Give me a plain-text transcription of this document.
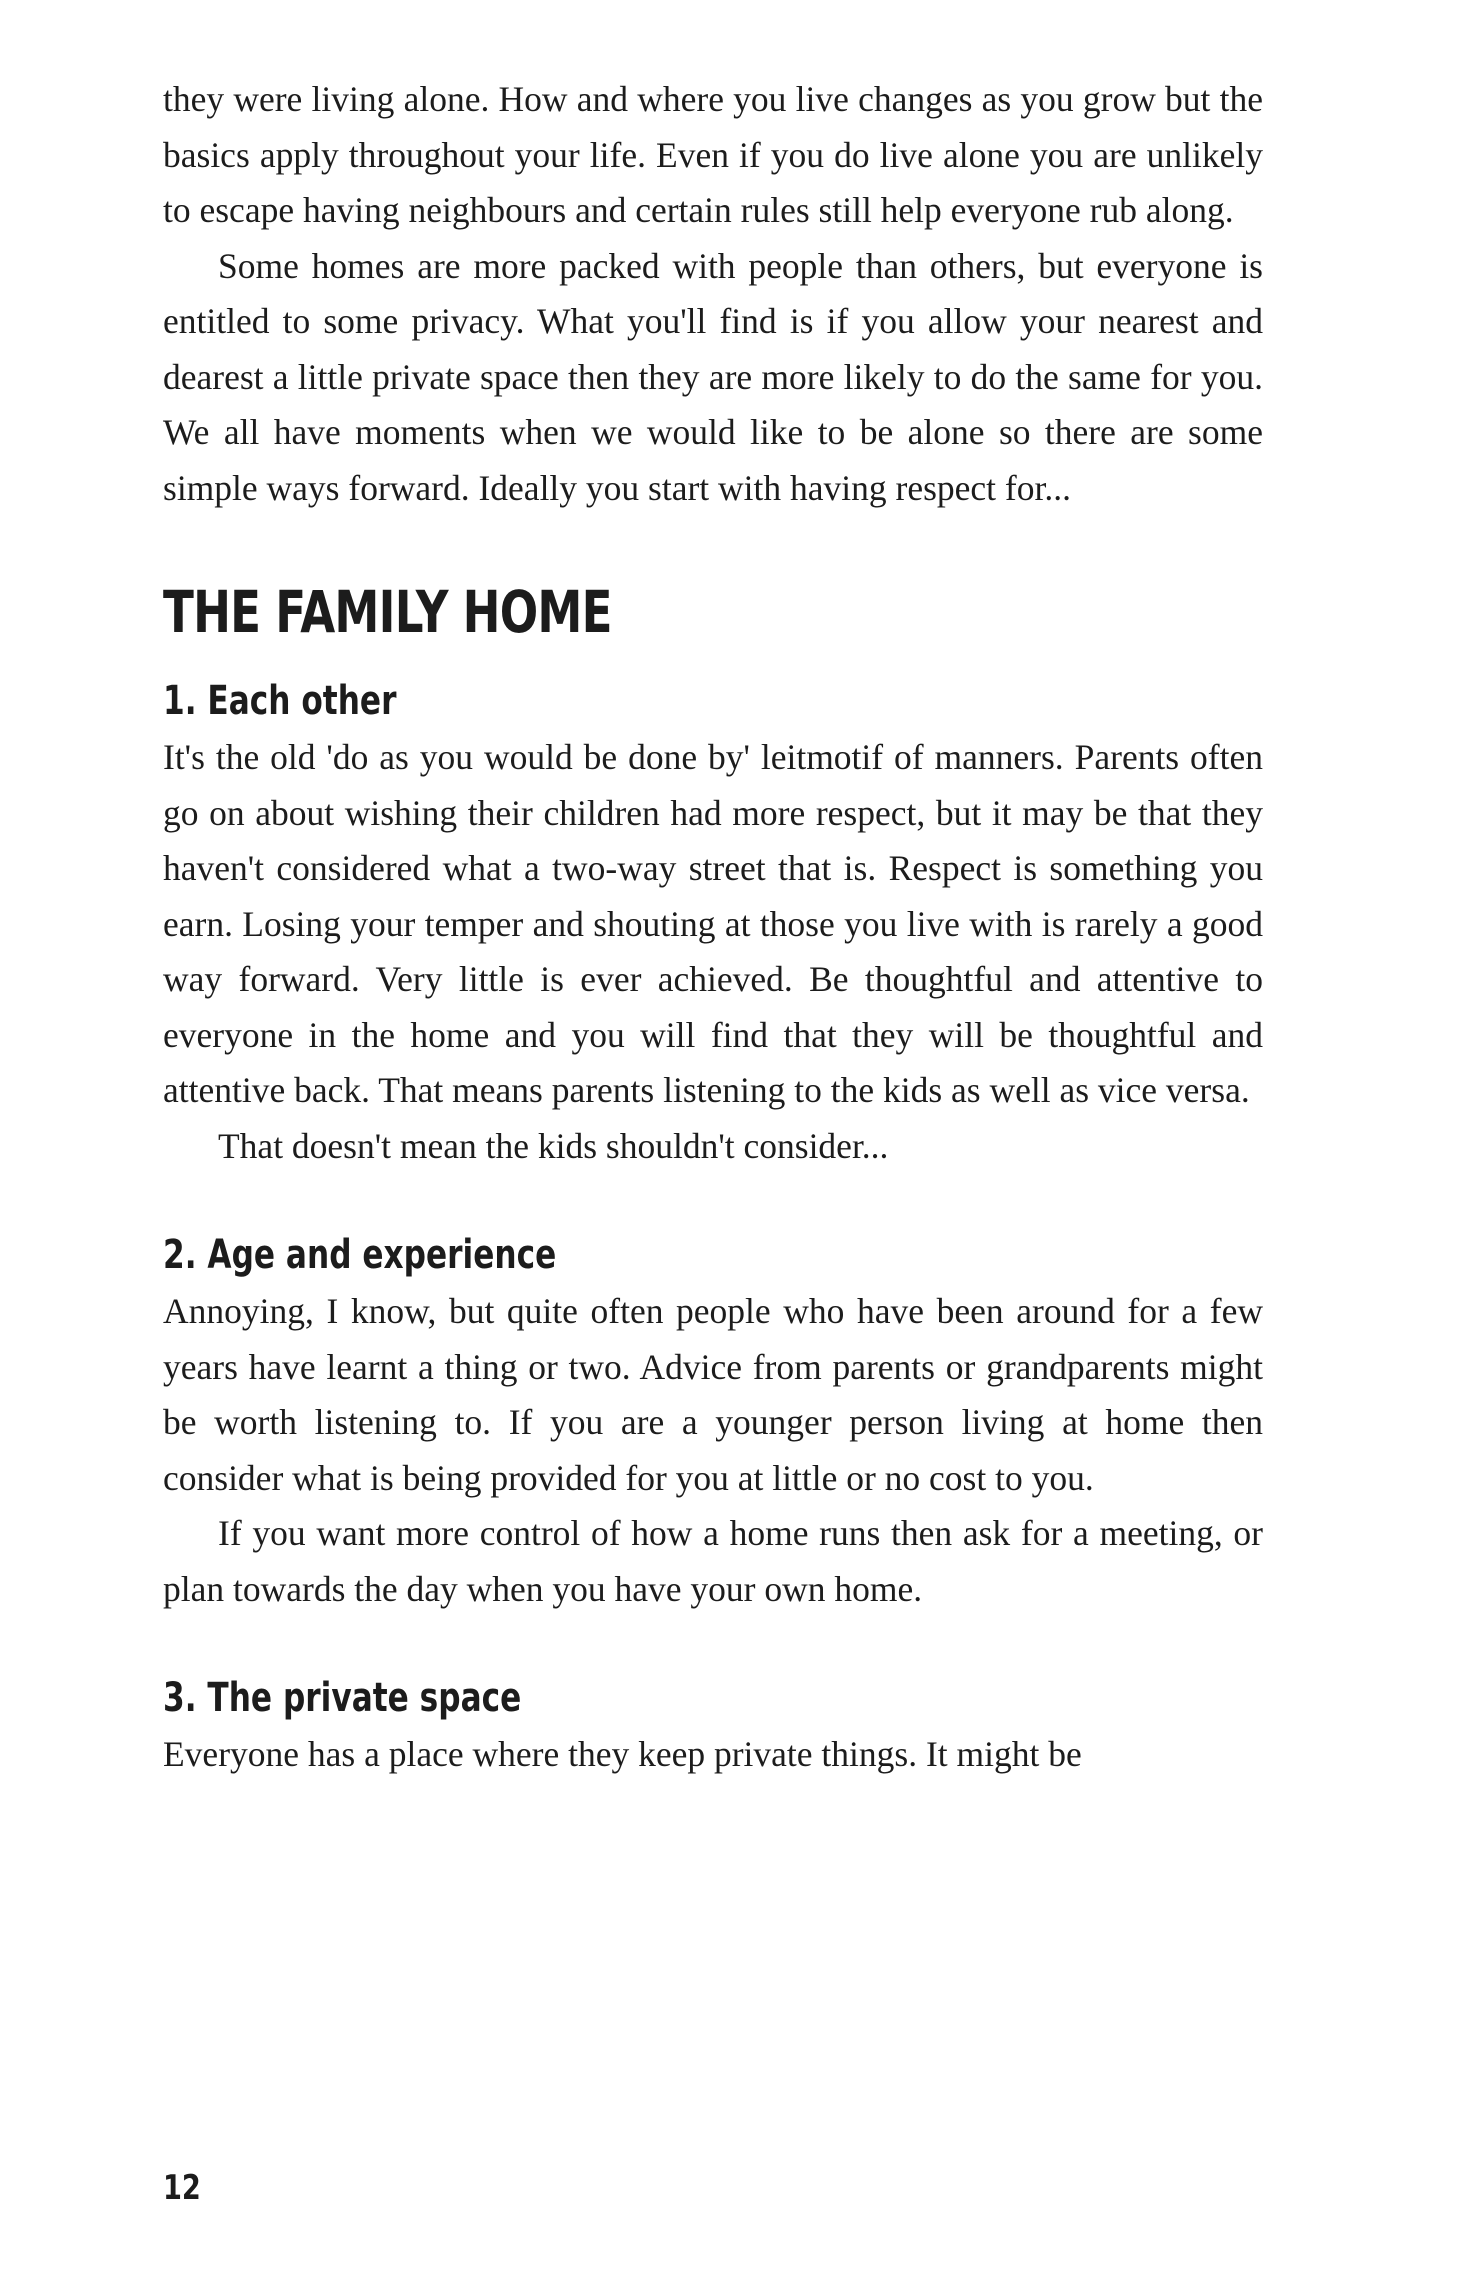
they were living alone. How and where you live changes as you grow but the basics apply throughout your life. Even if you do live alone you are unlikely to escape having neighbours and certain rules still help everyone rub along.

Some homes are more packed with people than others, but everyone is entitled to some privacy. What you'll find is if you allow your nearest and dearest a little private space then they are more likely to do the same for you. We all have moments when we would like to be alone so there are some simple ways forward. Ideally you start with having respect for...

THE FAMILY HOME
1. Each other

It's the old 'do as you would be done by' leitmotif of manners. Parents often go on about wishing their children had more respect, but it may be that they haven't considered what a two-way street that is. Respect is something you earn. Losing your temper and shouting at those you live with is rarely a good way forward. Very little is ever achieved. Be thoughtful and attentive to everyone in the home and you will find that they will be thoughtful and attentive back. That means parents listening to the kids as well as vice versa.

That doesn't mean the kids shouldn't consider...

2. Age and experience

Annoying, I know, but quite often people who have been around for a few years have learnt a thing or two. Advice from parents or grandparents might be worth listening to. If you are a younger person living at home then consider what is being provided for you at little or no cost to you.

If you want more control of how a home runs then ask for a meeting, or plan towards the day when you have your own home.

3. The private space

Everyone has a place where they keep private things. It might be

12
